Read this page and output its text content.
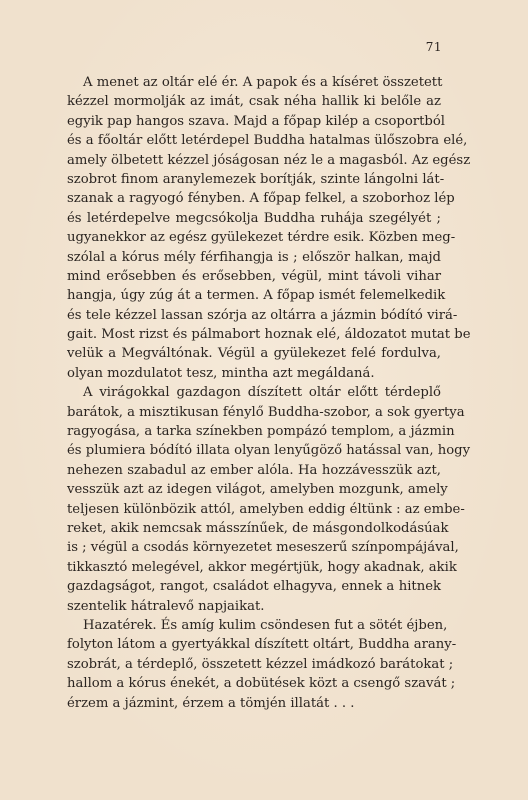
71
A menet az oltár elé ér. A papok és a kíséret összetett
kézzel mormolják az imát, csak néha hallik ki belőle az
egyik pap hangos szava. Majd a főpap kilép a csoportból
és a főoltár előtt letérdepel Buddha hatalmas ülőszobra elé,
amely ölbetett kézzel jóságosan néz le a magasból. Az egész
szobrot finom aranylemezek borítják, szinte lángolni lát-
szanak a ragyogó fényben. A főpap felkel, a szoborhoz lép
és letérdepelve megcsókolja Buddha ruhája szegélyét ;
ugyanekkor az egész gyülekezet térdre esik. Közben meg-
szólal a kórus mély férfihangja is ; először halkan, majd
mind erősebben és erősebben, végül, mint távoli vihar
hangja, úgy zúg át a termen. A főpap ismét felemelkedik
és tele kézzel lassan szórja az oltárra a jázmin bódító virá-
gait. Most rizst és pálmabort hoznak elé, áldozatot mutat be
velük a Megváltónak. Végül a gyülekezet felé fordulva,
olyan mozdulatot tesz, mintha azt megáldaná.
A virágokkal gazdagon díszített oltár előtt térdeplő
barátok, a misztikusan fénylő Buddha-szobor, a sok gyertya
ragyogása, a tarka színekben pompázó templom, a jázmin
és plumiera bódító illata olyan lenyűgöző hatással van, hogy
nehezen szabadul az ember alóla. Ha hozzávesszük azt,
vesszük azt az idegen világot, amelyben mozgunk, amely
teljesen különbözik attól, amelyben eddig éltünk : az embe-
reket, akik nemcsak másszínűek, de másgondolkodásúak
is ; végül a csodás környezetet meseszerű színpompájával,
tikkasztó melegével, akkor megértjük, hogy akadnak, akik
gazdagságot, rangot, családot elhagyva, ennek a hitnek
szentelik hátralevő napjaikat.
Hazatérek. És amíg kulim csöndesen fut a sötét éjben,
folyton látom a gyertyákkal díszített oltárt, Buddha arany-
szobrát, a térdeplő, összetett kézzel imádkozó barátokat ;
hallom a kórus énekét, a dobütések közt a csengő szavát ;
érzem a jázmint, érzem a tömjén illatát . . .
